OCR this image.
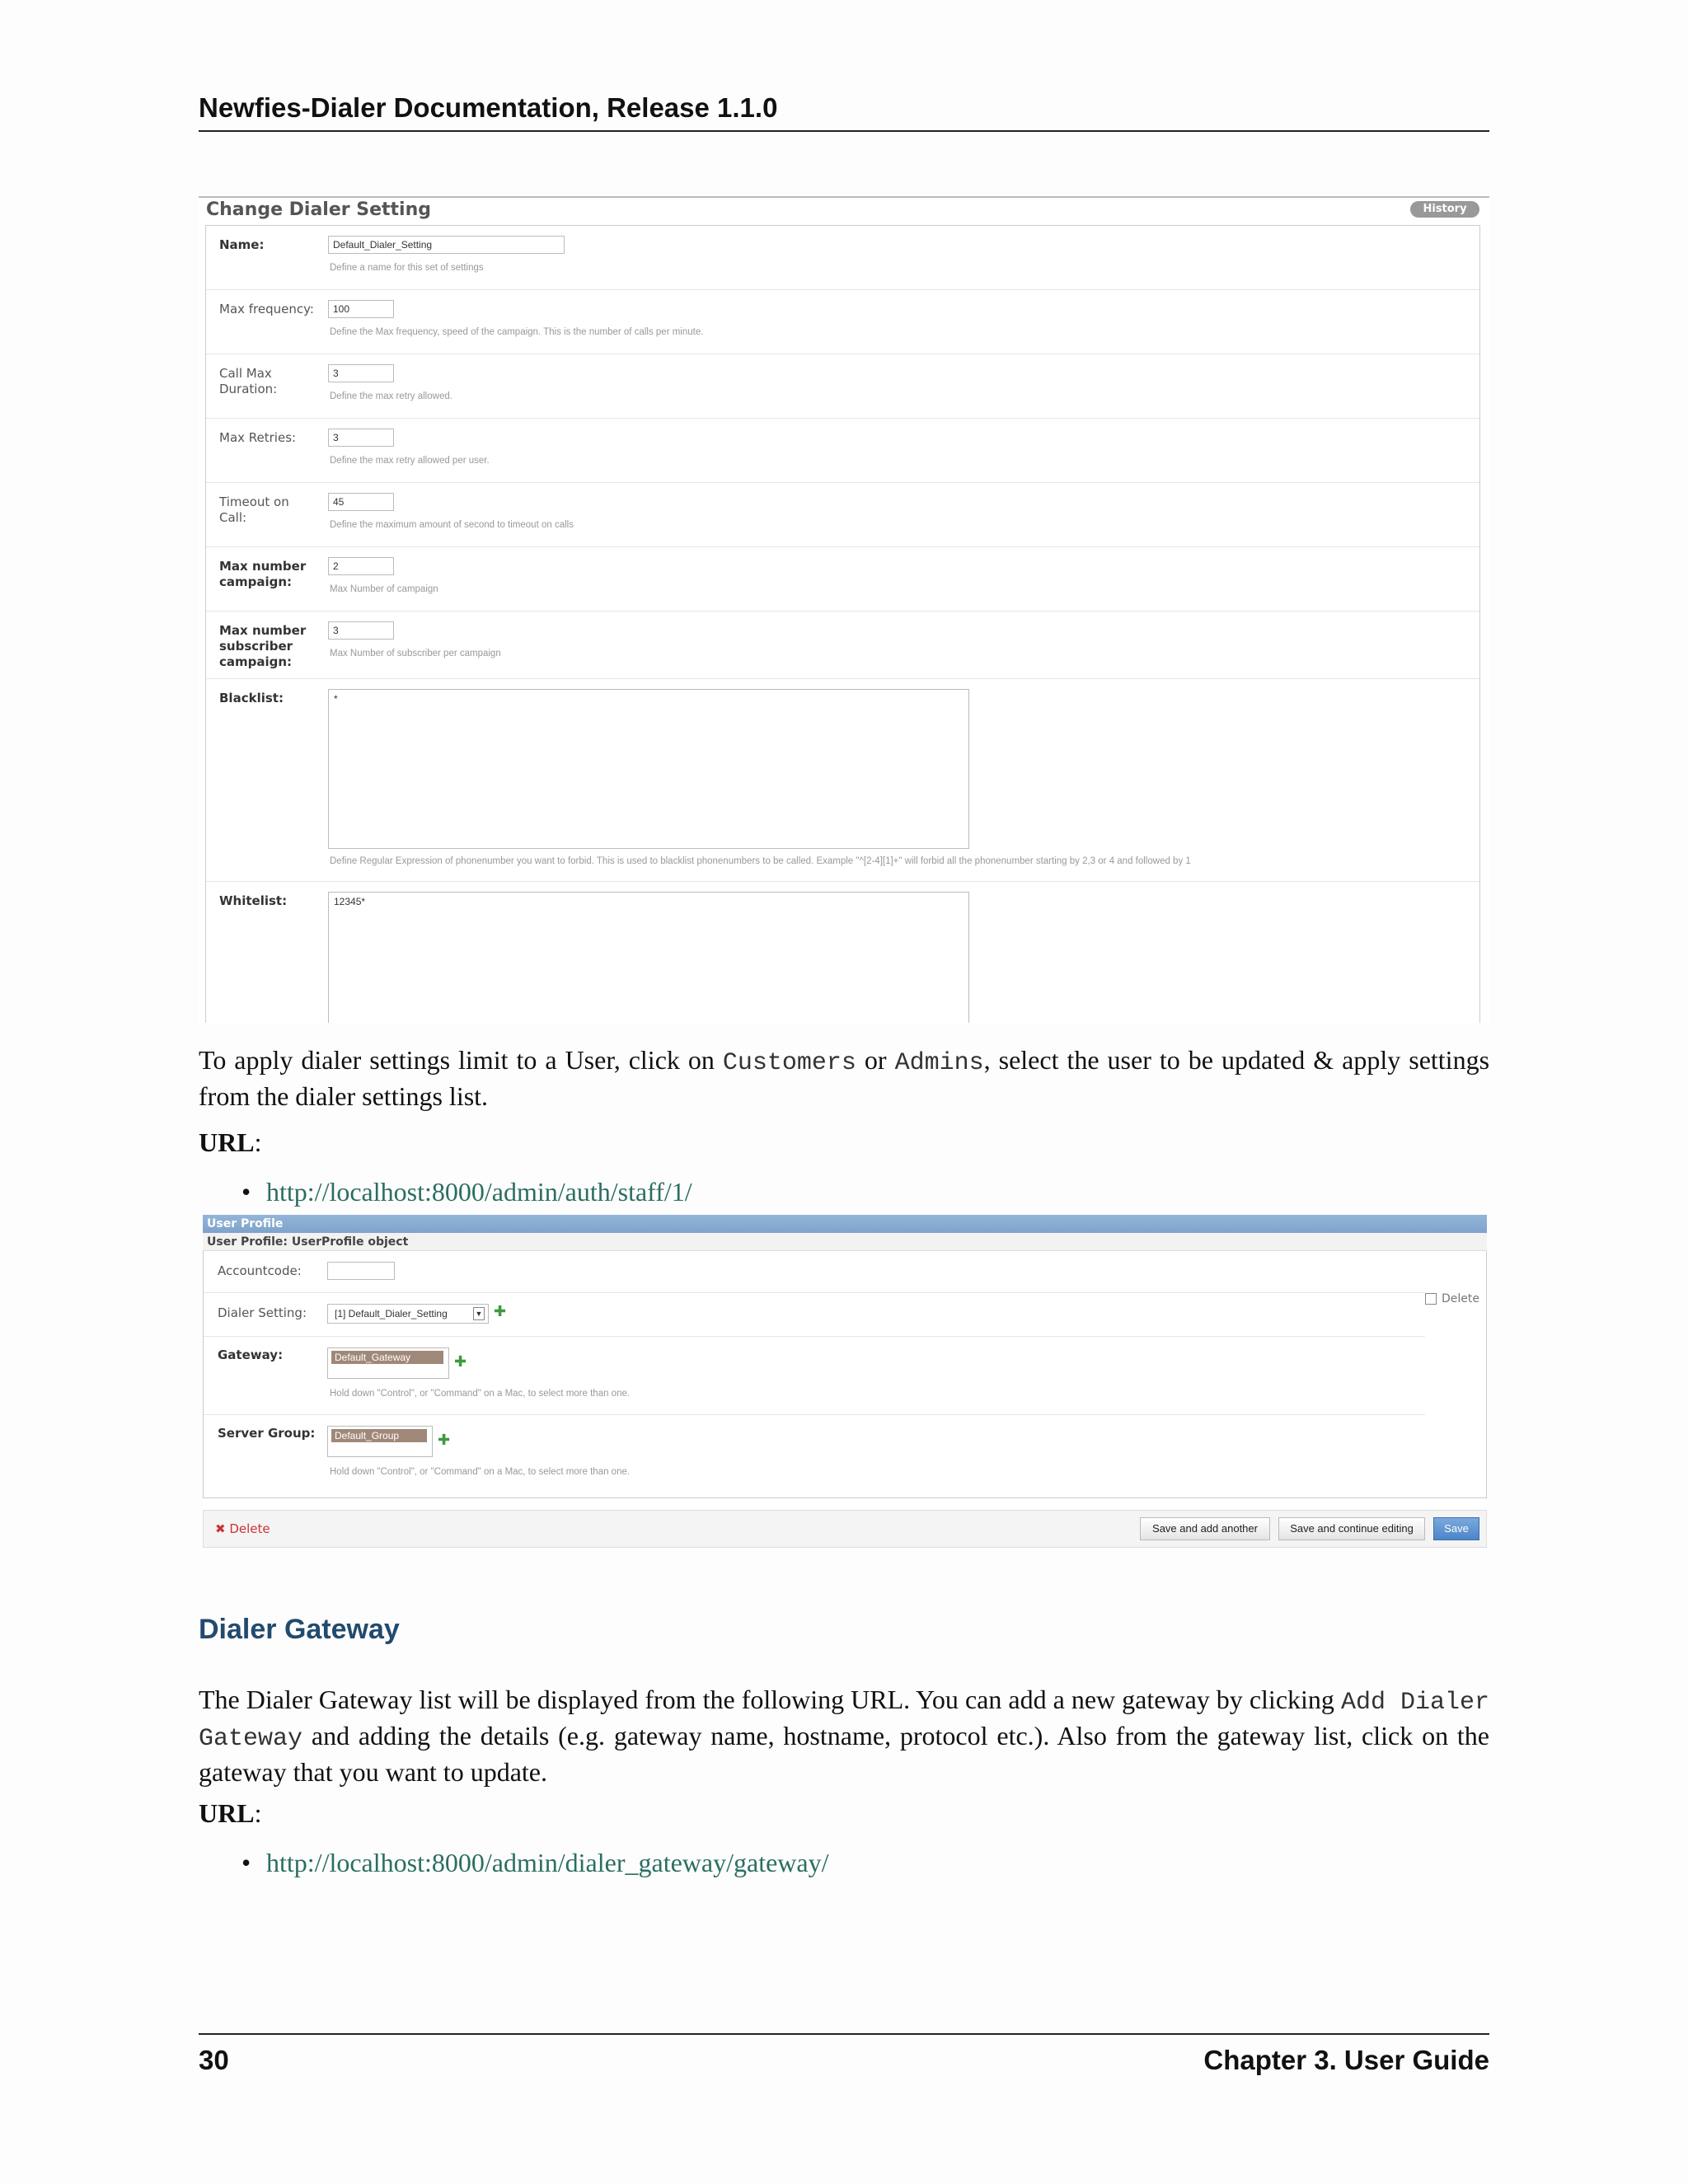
Newfies-Dialer Documentation, Release 1.1.0
Change Dialer Setting	History
Name:	Default_Dialer_Setting
Define a name for this set of settings
Max frequency:	100
Define the Max frequency, speed of the campaign. This is the number of calls per minute.
Call Max Duration:
3
Define the max retry allowed.
Max Retries:	3
Define the max retry allowed per user.
Timeout on Call:
45
Define the maximum amount of second to timeout on calls
Max number campaign:
2
Max Number of campaign
Max number subscriber campaign:
3
Max Number of subscriber per campaign
Blacklist:	*
Define Regular Expression of phonenumber you want to forbid. This is used to blacklist phonenumbers to be called. Example "^[2-4][1]+" will forbid all the phonenumber starting by 2,3 or 4 and followed by 1
Whitelist:	12345*
To apply dialer settings limit to a User, click on Customers or Admins, select the user to be updated & apply settings from the dialer settings list.
URL:
• http://localhost:8000/admin/auth/staff/1/
User Profile
User Profile: UserProfile object
Delete
Accountcode:
Dialer Setting:	[1] Default_Dialer_Setting	▼ ✚
Gateway:	Default_Gateway	✚
Hold down "Control", or "Command" on a Mac, to select more than one.
Server Group:	Default_Group	✚
Hold down "Control", or "Command" on a Mac, to select more than one.
✖ Delete	Save and add another	Save and continue editing	Save
Dialer Gateway
The Dialer Gateway list will be displayed from the following URL. You can add a new gateway by clicking Add Dialer Gateway and adding the details (e.g. gateway name, hostname, protocol etc.). Also from the gateway list, click on the gateway that you want to update.
URL:
• http://localhost:8000/admin/dialer_gateway/gateway/
30	Chapter 3. User Guide
